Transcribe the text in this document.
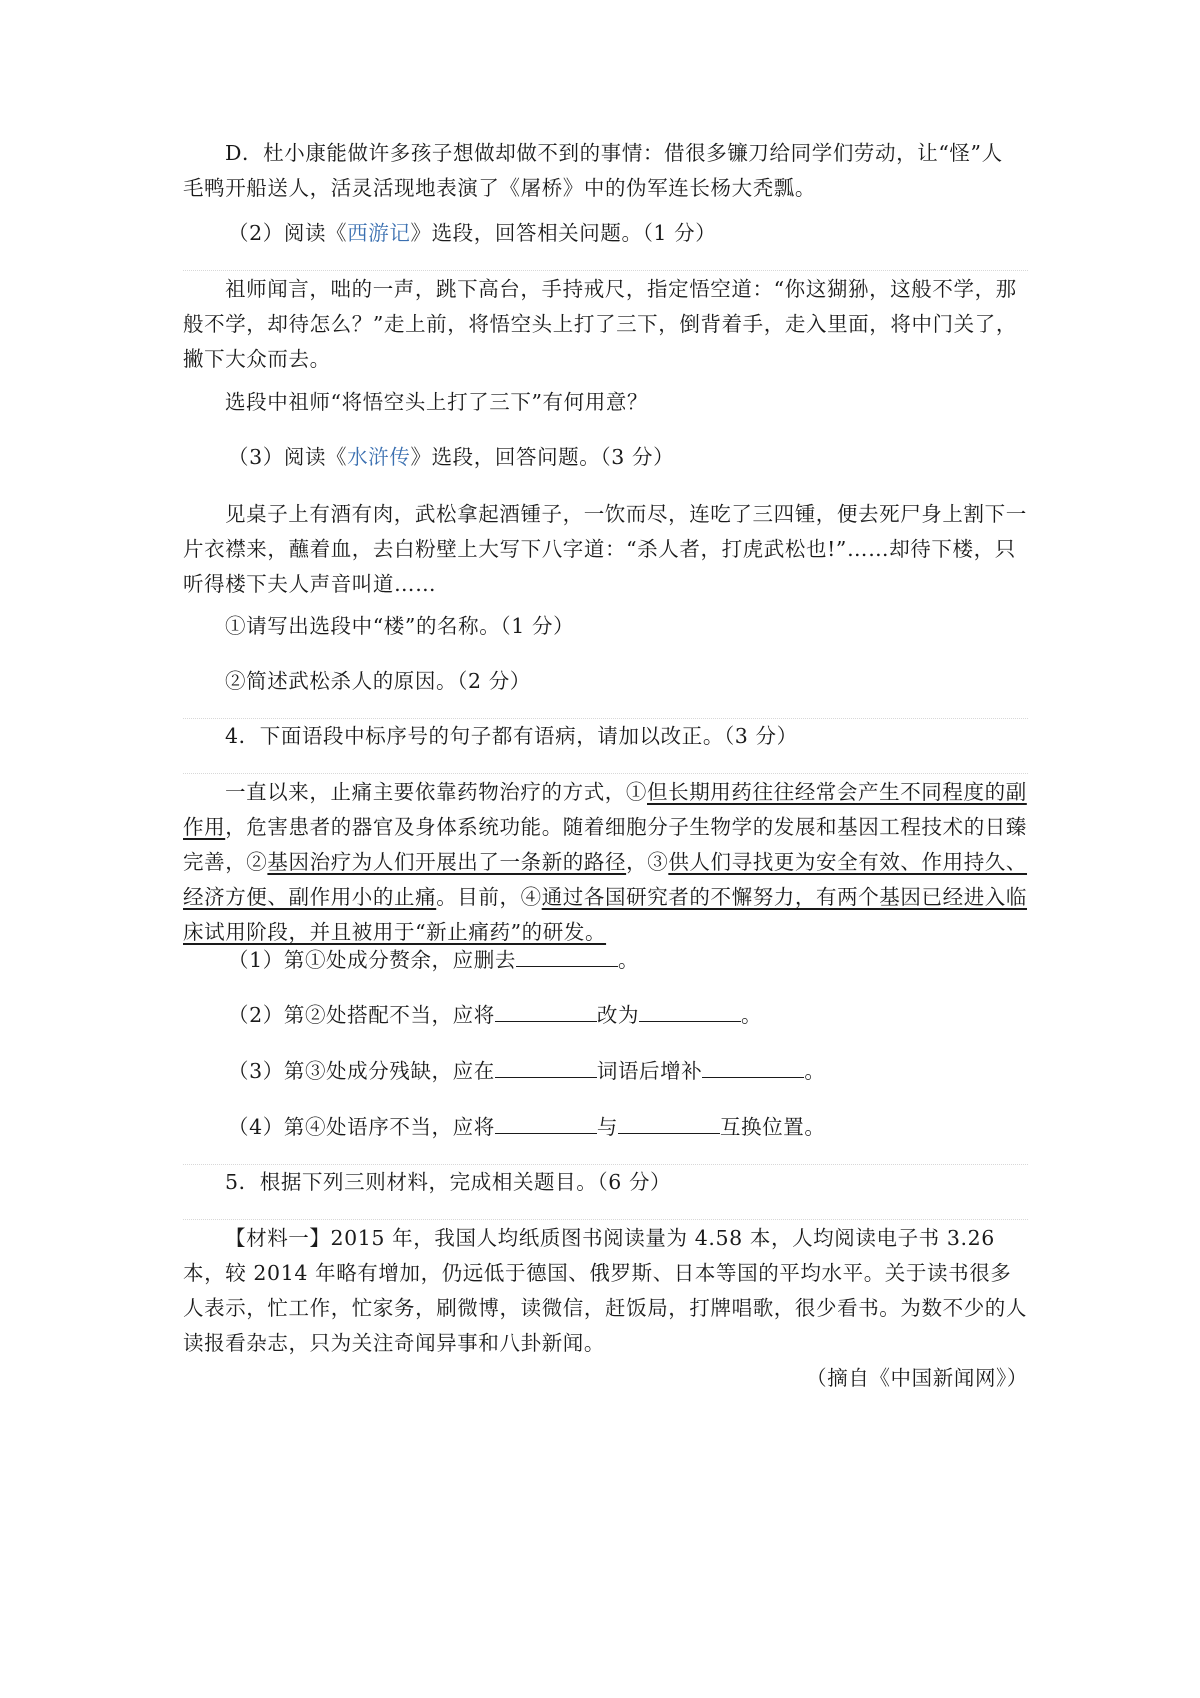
D．杜小康能做许多孩子想做却做不到的事情：借很多镰刀给同学们劳动，让“怪”人
毛鸭开船送人，活灵活现地表演了《屠桥》中的伪军连长杨大秃瓢。
（2）阅读《西游记》选段，回答相关问题。（1 分）
祖师闻言，咄的一声，跳下高台，手持戒尺，指定悟空道：“你这猢狲，这般不学，那般不学，却待怎么？”走上前，将悟空头上打了三下，倒背着手，走入里面，将中门关了，撇下大众而去。
选段中祖师“将悟空头上打了三下”有何用意？
（3）阅读《水浒传》选段，回答问题。（3 分）
见桌子上有酒有肉，武松拿起酒锺子，一饮而尽，连吃了三四锺，便去死尸身上割下一片衣襟来，蘸着血，去白粉壁上大写下八字道：“杀人者，打虎武松也!”……却待下楼，只听得楼下夫人声音叫道……
①请写出选段中“楼”的名称。（1 分）
②简述武松杀人的原因。（2 分）
4．下面语段中标序号的句子都有语病，请加以改正。（3 分）
一直以来，止痛主要依靠药物治疗的方式，①但长期用药往往经常会产生不同程度的副作用，危害患者的器官及身体系统功能。随着细胞分子生物学的发展和基因工程技术的日臻完善，②基因治疗为人们开展出了一条新的路径，③供人们寻找更为安全有效、作用持久、经济方便、副作用小的止痛。目前，④通过各国研究者的不懈努力，有两个基因已经进入临床试用阶段，并且被用于“新止痛药”的研发。
（1）第①处成分赘余，应删去	。
（2）第②处搭配不当，应将	改为	。
（3）第③处成分残缺，应在	词语后增补	。
（4）第④处语序不当，应将	与	互换位置。
5．根据下列三则材料，完成相关题目。（6 分）
【材料一】2015 年，我国人均纸质图书阅读量为 4.58 本，人均阅读电子书 3.26 本，较 2014 年略有增加，仍远低于德国、俄罗斯、日本等国的平均水平。关于读书很多人表示，忙工作，忙家务，刷微博，读微信，赶饭局，打牌唱歌，很少看书。为数不少的人读报看杂志，只为关注奇闻异事和八卦新闻。
（摘自《中国新闻网》）
